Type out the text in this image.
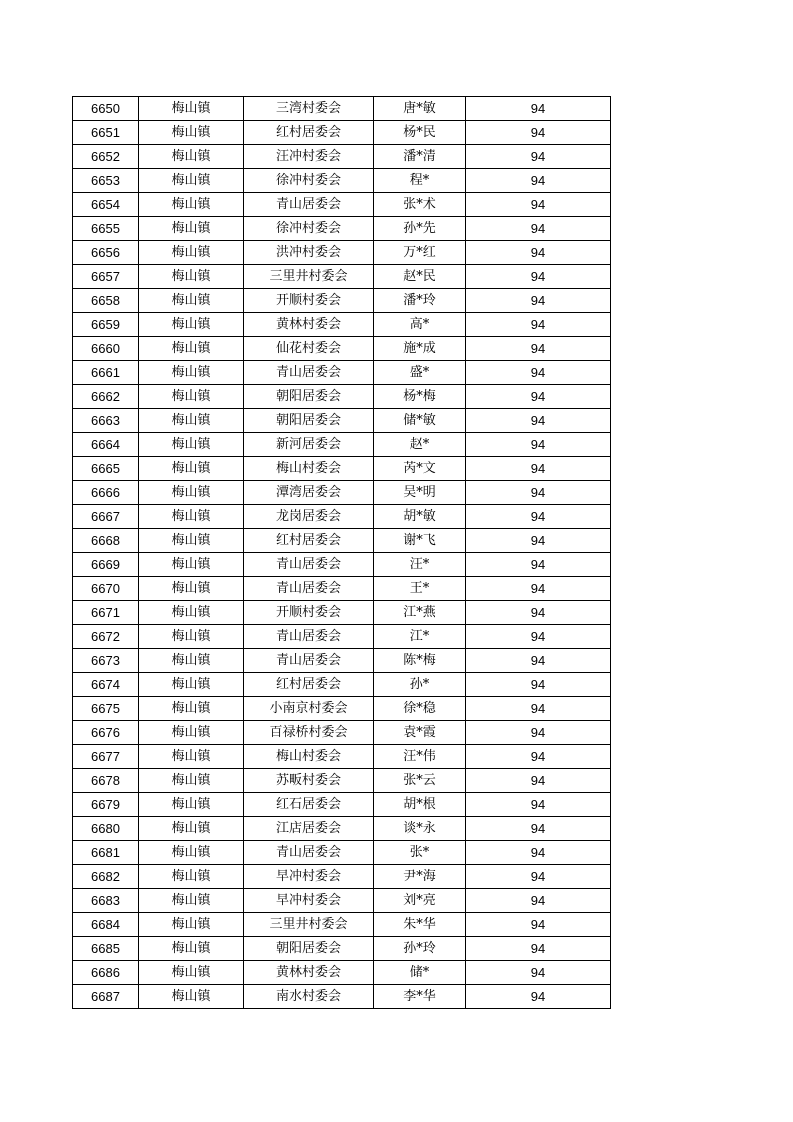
6650	梅山镇	三湾村委会	唐*敏	94
6651	梅山镇	红村居委会	杨*民	94
6652	梅山镇	汪冲村委会	潘*清	94
6653	梅山镇	徐冲村委会	程*	94
6654	梅山镇	青山居委会	张*术	94
6655	梅山镇	徐冲村委会	孙*先	94
6656	梅山镇	洪冲村委会	万*红	94
6657	梅山镇	三里井村委会	赵*民	94
6658	梅山镇	开顺村委会	潘*玲	94
6659	梅山镇	黄林村委会	高*	94
6660	梅山镇	仙花村委会	施*成	94
6661	梅山镇	青山居委会	盛*	94
6662	梅山镇	朝阳居委会	杨*梅	94
6663	梅山镇	朝阳居委会	储*敏	94
6664	梅山镇	新河居委会	赵*	94
6665	梅山镇	梅山村委会	芮*文	94
6666	梅山镇	潭湾居委会	吴*明	94
6667	梅山镇	龙岗居委会	胡*敏	94
6668	梅山镇	红村居委会	谢*飞	94
6669	梅山镇	青山居委会	汪*	94
6670	梅山镇	青山居委会	王*	94
6671	梅山镇	开顺村委会	江*燕	94
6672	梅山镇	青山居委会	江*	94
6673	梅山镇	青山居委会	陈*梅	94
6674	梅山镇	红村居委会	孙*	94
6675	梅山镇	小南京村委会	徐*稳	94
6676	梅山镇	百禄桥村委会	袁*霞	94
6677	梅山镇	梅山村委会	汪*伟	94
6678	梅山镇	苏畈村委会	张*云	94
6679	梅山镇	红石居委会	胡*根	94
6680	梅山镇	江店居委会	谈*永	94
6681	梅山镇	青山居委会	张*	94
6682	梅山镇	早冲村委会	尹*海	94
6683	梅山镇	早冲村委会	刘*亮	94
6684	梅山镇	三里井村委会	朱*华	94
6685	梅山镇	朝阳居委会	孙*玲	94
6686	梅山镇	黄林村委会	储*	94
6687	梅山镇	南水村委会	李*华	94
